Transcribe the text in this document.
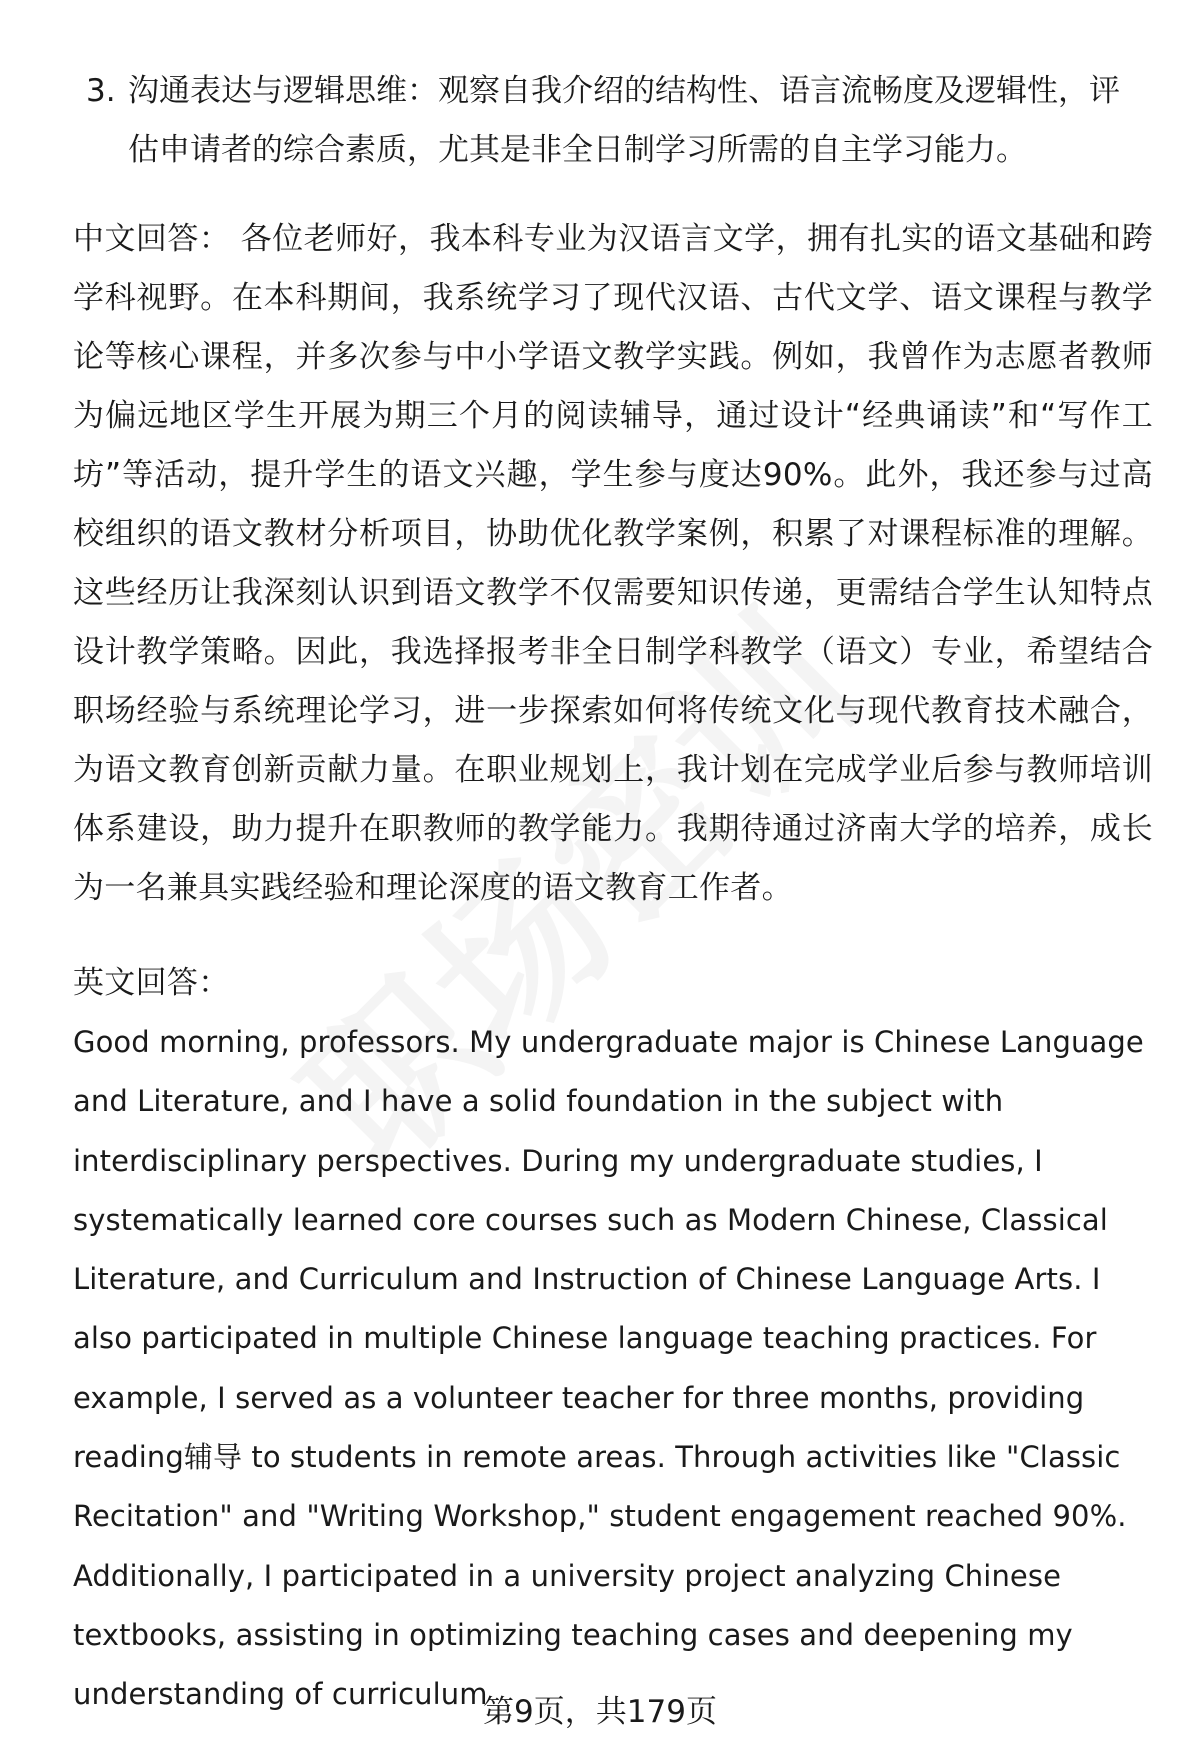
3. 沟通表达与逻辑思维：观察自我介绍的结构性、语言流畅度及逻辑性，评估申请者的综合素质，尤其是非全日制学习所需的自主学习能力。
中文回答： 各位老师好，我本科专业为汉语言文学，拥有扎实的语文基础和跨学科视野。在本科期间，我系统学习了现代汉语、古代文学、语文课程与教学论等核心课程，并多次参与中小学语文教学实践。例如，我曾作为志愿者教师为偏远地区学生开展为期三个月的阅读辅导，通过设计“经典诵读”和“写作工坊”等活动，提升学生的语文兴趣，学生参与度达90%。此外，我还参与过高校组织的语文教材分析项目，协助优化教学案例，积累了对课程标准的理解。这些经历让我深刻认识到语文教学不仅需要知识传递，更需结合学生认知特点设计教学策略。因此，我选择报考非全日制学科教学（语文）专业，希望结合职场经验与系统理论学习，进一步探索如何将传统文化与现代教育技术融合，为语文教育创新贡献力量。在职业规划上，我计划在完成学业后参与教师培训体系建设，助力提升在职教师的教学能力。我期待通过济南大学的培养，成长为一名兼具实践经验和理论深度的语文教育工作者。
英文回答：
Good morning, professors. My undergraduate major is Chinese Language and Literature, and I have a solid foundation in the subject with interdisciplinary perspectives. During my undergraduate studies, I systematically learned core courses such as Modern Chinese, Classical Literature, and Curriculum and Instruction of Chinese Language Arts. I also participated in multiple Chinese language teaching practices. For example, I served as a volunteer teacher for three months, providing reading辅导 to students in remote areas. Through activities like "Classic Recitation" and "Writing Workshop," student engagement reached 90%. Additionally, I participated in a university project analyzing Chinese textbooks, assisting in optimizing teaching cases and deepening my understanding of curriculum
第9页，共179页
